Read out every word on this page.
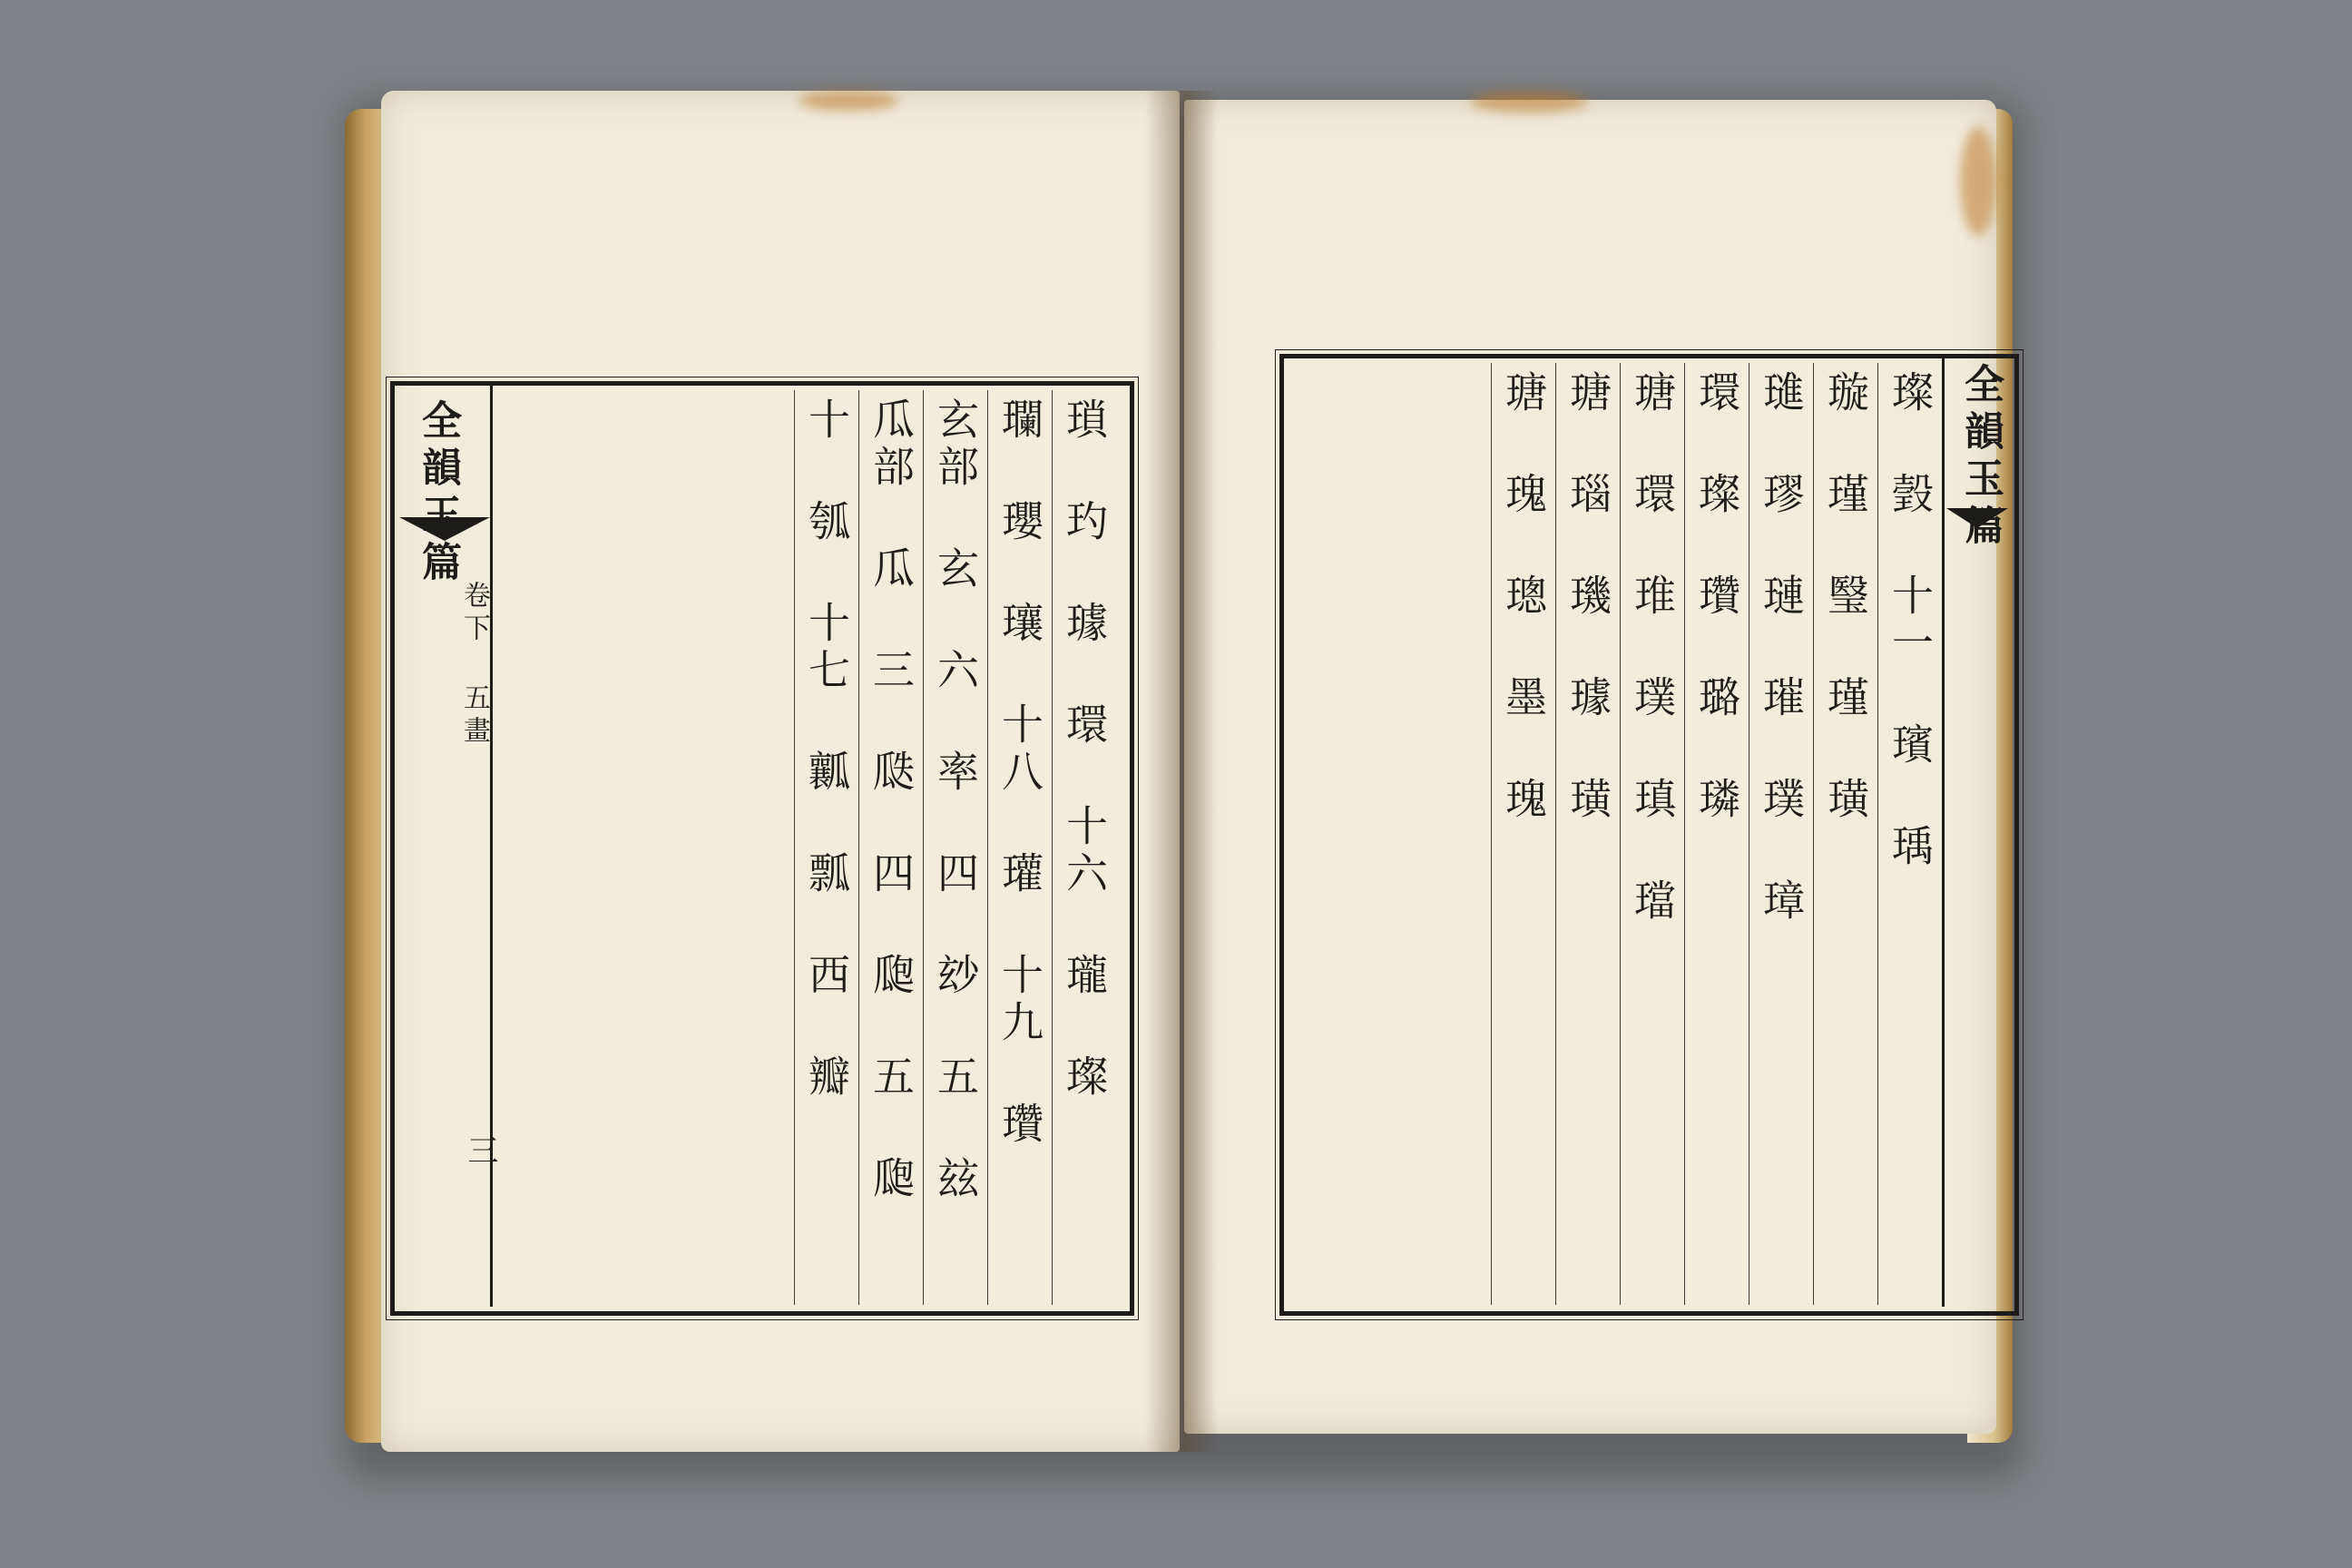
全韻玉篇
卷下 五畫
三
瑣 玓 璩 環 十六 瓏 璨
瓓 瓔 瓖 十八 瓘 十九 瓚
玄部 玄 六 率 四 玅 五 玆
瓜部 瓜 三 瓞 四 瓟 五 瓟
十 瓠 十七 瓤 瓢 西 瓣	全韻玉篇
璨 瑴 十一 璸 瑀
璇 瑾 瑿 瑾 璜
璡 璆 璉 璀 璞 璋
環 璨 瓚 璐 璘
瑭 環 琟 璞 瑱 璫
瑭 瑙 璣 璩 璜
瑭 瑰 璁 墨 瑰
